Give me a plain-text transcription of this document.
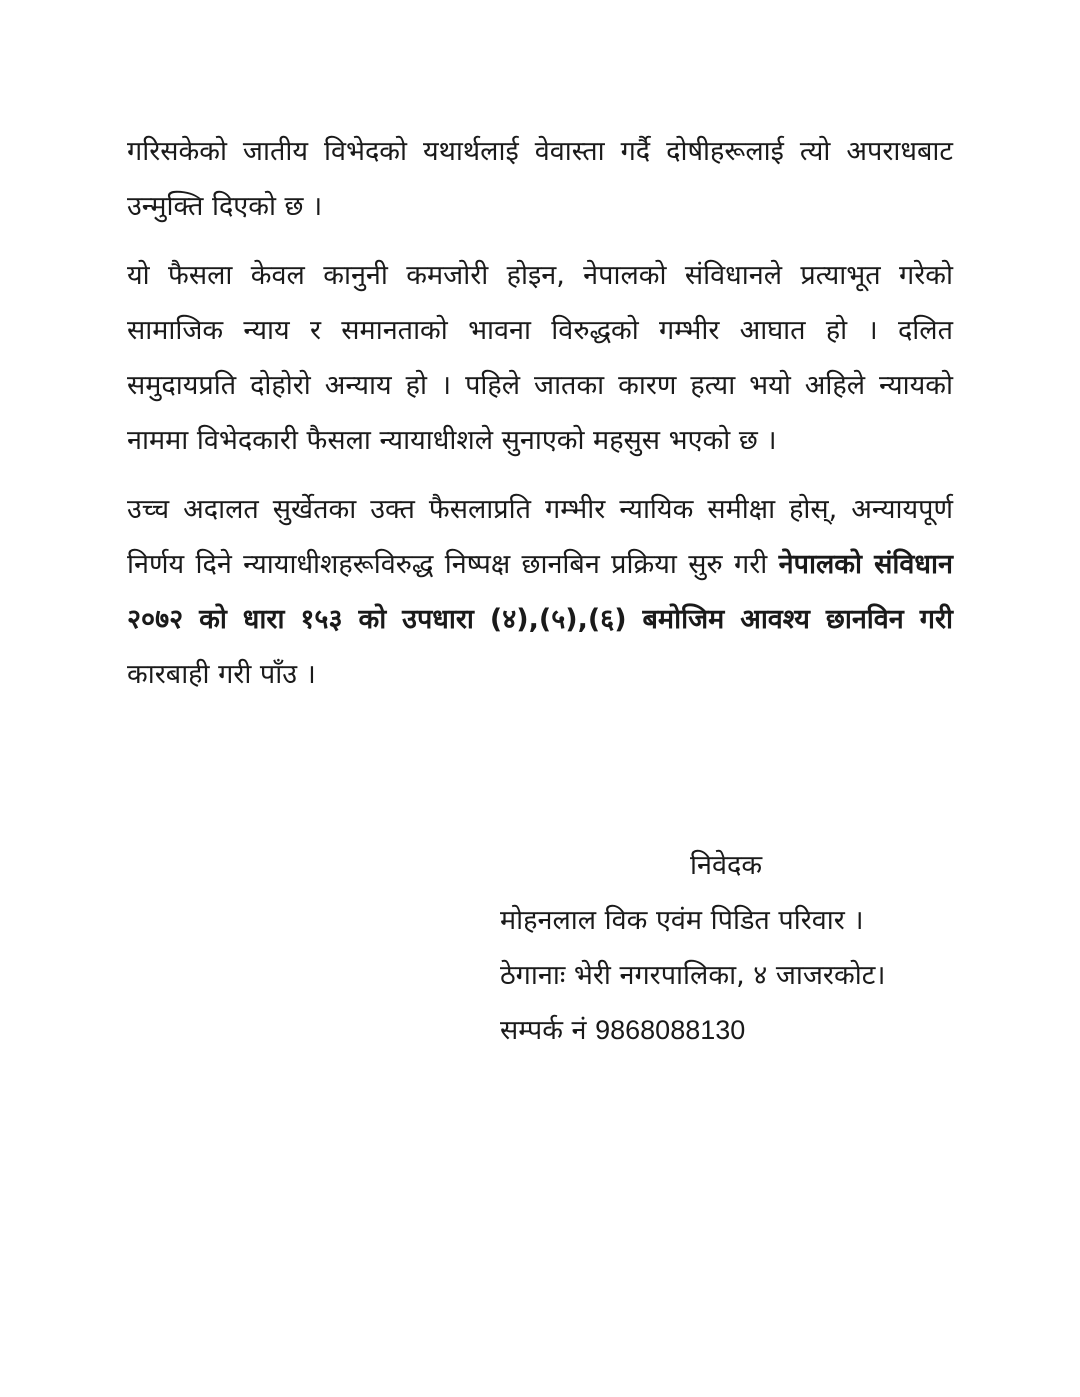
गरिसकेको जातीय विभेदको यथार्थलाई वेवास्ता गर्दै दोषीहरूलाई त्यो अपराधबाट उन्मुक्ति दिएको छ ।

यो फैसला केवल कानुनी कमजोरी होइन, नेपालको संविधानले प्रत्याभूत गरेको सामाजिक न्याय र समानताको भावना विरुद्धको गम्भीर आघात हो । दलित समुदायप्रति दोहोरो अन्याय हो । पहिले जातका कारण हत्या भयो अहिले न्यायको नाममा विभेदकारी फैसला न्यायाधीशले सुनाएको महसुस भएको छ ।

उच्च अदालत सुर्खेतका उक्त फैसलाप्रति गम्भीर न्यायिक समीक्षा होस्, अन्यायपूर्ण निर्णय दिने न्यायाधीशहरूविरुद्ध निष्पक्ष छानबिन प्रक्रिया सुरु गरी नेपालको संविधान २०७२ को धारा १५३ को उपधारा (४),(५),(६) बमोजिम आवश्य छानविन गरी कारबाही गरी पाँउ ।

निवेदक
मोहनलाल विक एवंम पिडित परिवार ।
ठेगानाः भेरी नगरपालिका, ४ जाजरकोट।
सम्पर्क नं 9868088130
